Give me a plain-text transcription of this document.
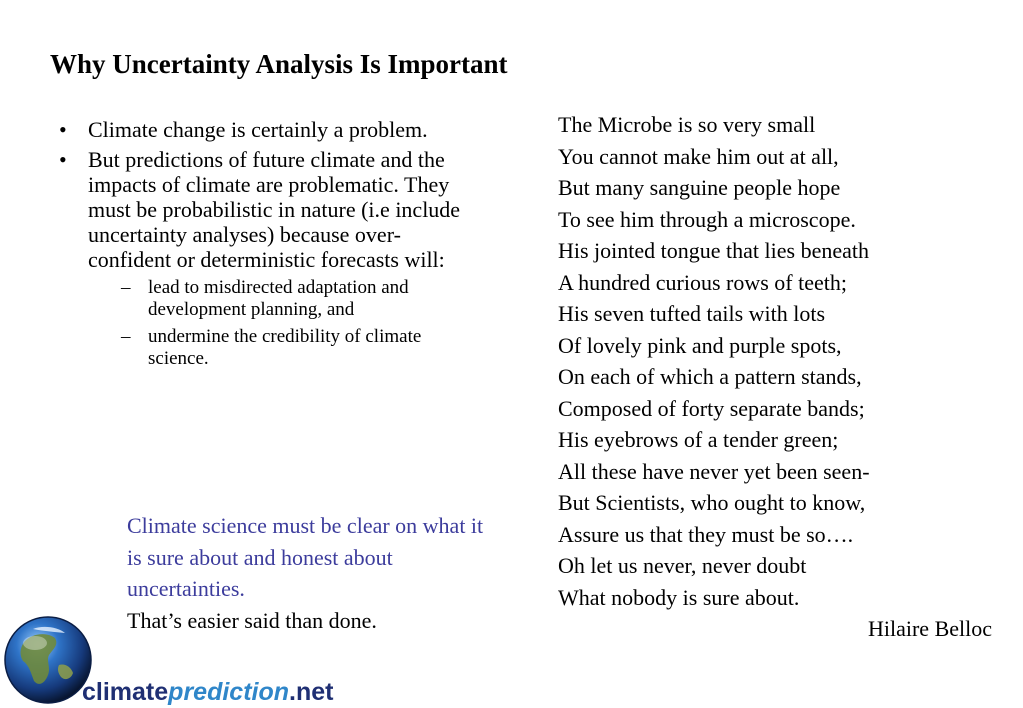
Why Uncertainty Analysis Is Important
• Climate change is certainly a problem.
• But predictions of future climate and the impacts of climate are problematic. They must be probabilistic in nature (i.e include uncertainty analyses) because over-confident or deterministic forecasts will:
– lead to misdirected adaptation and development planning, and
– undermine the credibility of climate science.
Climate science must be clear on what it is sure about and honest about uncertainties.
That’s easier said than done.
The Microbe is so very small
You cannot make him out at all,
But many sanguine people hope
To see him through a microscope.
His jointed tongue that lies beneath
A hundred curious rows of teeth;
His seven tufted tails with lots
Of lovely pink and purple spots,
On each of which a pattern stands,
Composed of forty separate bands;
His eyebrows of a tender green;
All these have never yet been seen-
But Scientists, who ought to know,
Assure us that they must be so….
Oh let us never, never doubt
What nobody is sure about.
Hilaire Belloc
climateprediction.net
